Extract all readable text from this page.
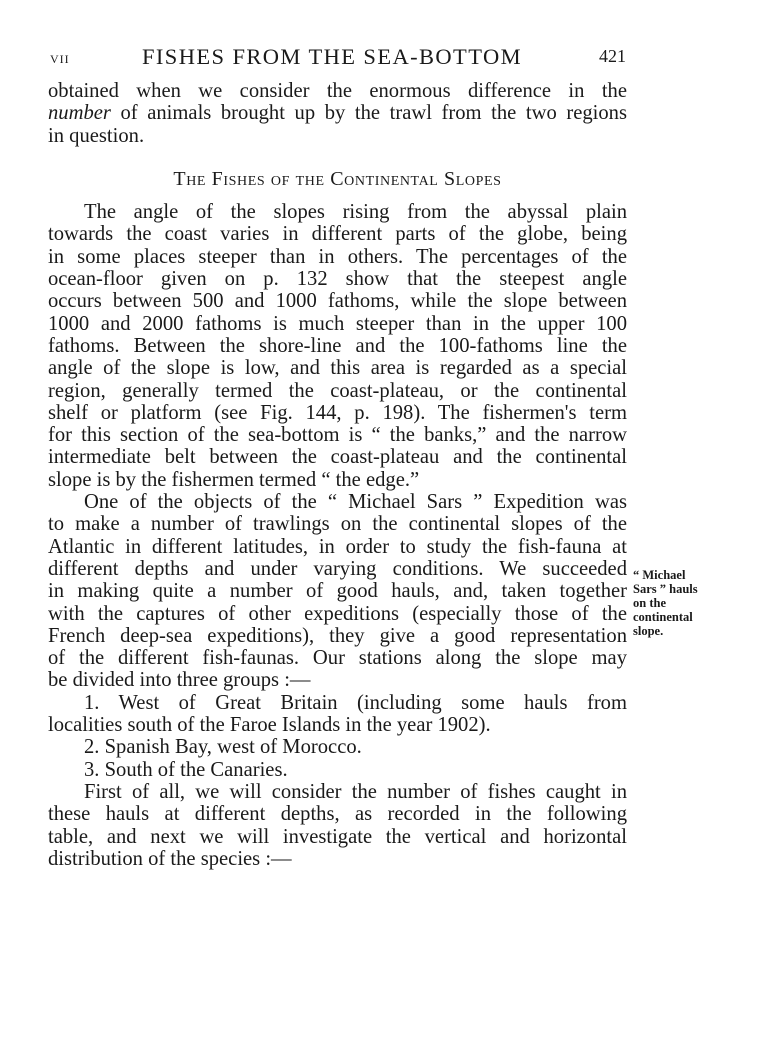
VII	FISHES FROM THE SEA-BOTTOM	421
obtained when we consider the enormous difference in the
number of animals brought up by the trawl from the two regions
in question.
The Fishes of the Continental Slopes
The angle of the slopes rising from the abyssal plain
towards the coast varies in different parts of the globe, being
in some places steeper than in others. The percentages of the
ocean-floor given on p. 132 show that the steepest angle
occurs between 500 and 1000 fathoms, while the slope between
1000 and 2000 fathoms is much steeper than in the upper 100
fathoms. Between the shore-line and the 100-fathoms line the
angle of the slope is low, and this area is regarded as a special
region, generally termed the coast-plateau, or the continental
shelf or platform (see Fig. 144, p. 198). The fishermen's term
for this section of the sea-bottom is “ the banks,” and the narrow
intermediate belt between the coast-plateau and the continental
slope is by the fishermen termed “ the edge.”
One of the objects of the “ Michael Sars ” Expedition was
to make a number of trawlings on the continental slopes of the
Atlantic in different latitudes, in order to study the fish-fauna at
different depths and under varying conditions. We succeeded
in making quite a number of good hauls, and, taken together
with the captures of other expeditions (especially those of the
French deep-sea expeditions), they give a good representation
of the different fish-faunas. Our stations along the slope may
be divided into three groups :—
1. West of Great Britain (including some hauls from
localities south of the Faroe Islands in the year 1902).
2. Spanish Bay, west of Morocco.
3. South of the Canaries.
First of all, we will consider the number of fishes caught in
these hauls at different depths, as recorded in the following
table, and next we will investigate the vertical and horizontal
distribution of the species :—
“ Michael
Sars ” hauls
on the
continental
slope.
